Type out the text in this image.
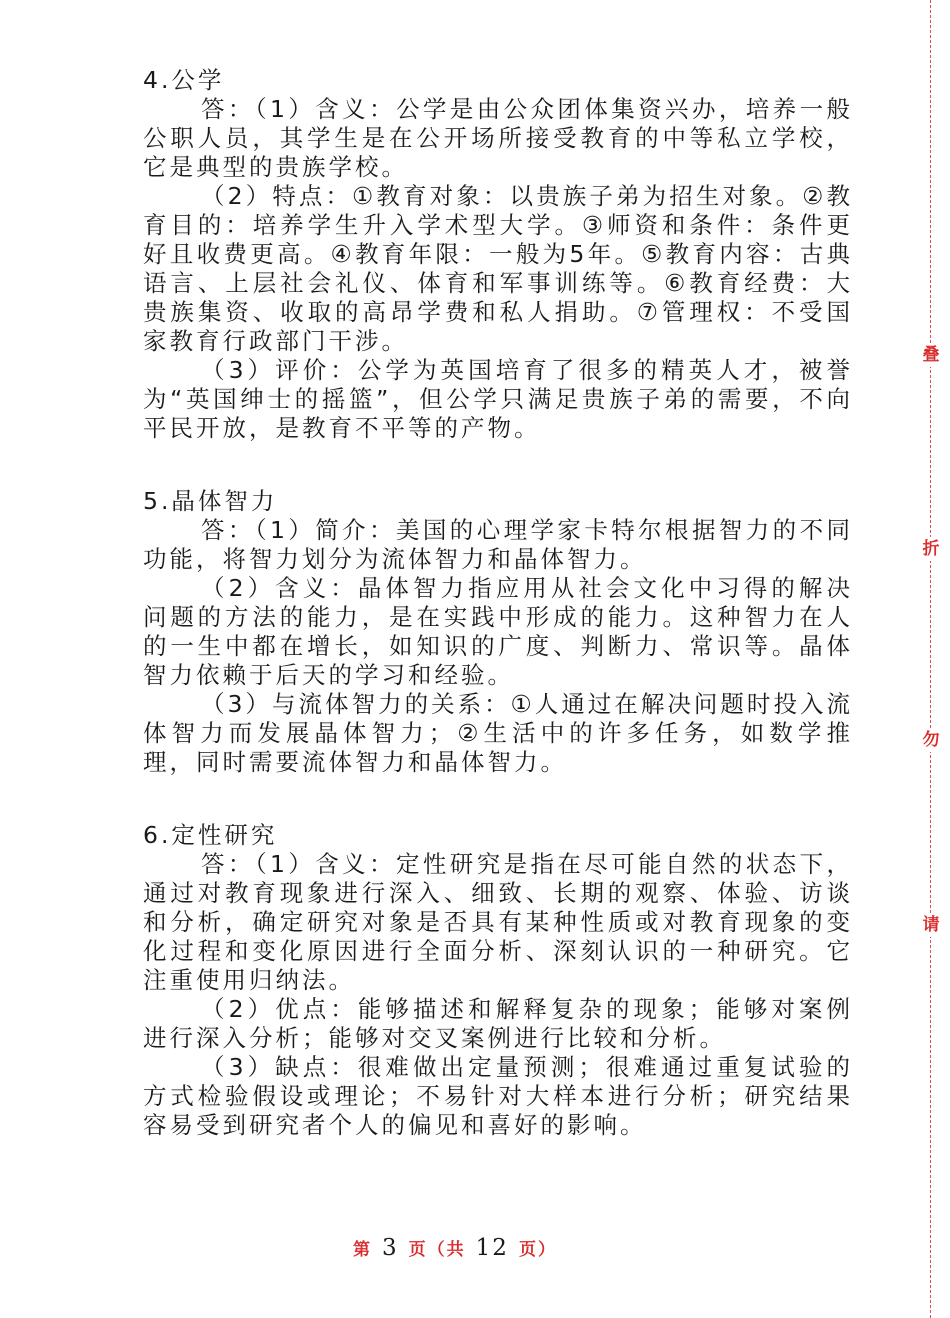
4.公学

答：（1）含义：公学是由公众团体集资兴办，培养一般公职人员，其学生是在公开场所接受教育的中等私立学校，它是典型的贵族学校。

（2）特点：①教育对象：以贵族子弟为招生对象。②教育目的：培养学生升入学术型大学。③师资和条件：条件更好且收费更高。④教育年限：一般为5年。⑤教育内容：古典语言、上层社会礼仪、体育和军事训练等。⑥教育经费：大贵族集资、收取的高昂学费和私人捐助。⑦管理权：不受国家教育行政部门干涉。

（3）评价：公学为英国培育了很多的精英人才，被誉为“英国绅士的摇篮”，但公学只满足贵族子弟的需要，不向平民开放，是教育不平等的产物。

5.晶体智力

答：（1）简介：美国的心理学家卡特尔根据智力的不同功能，将智力划分为流体智力和晶体智力。

（2）含义：晶体智力指应用从社会文化中习得的解决问题的方法的能力，是在实践中形成的能力。这种智力在人的一生中都在增长，如知识的广度、判断力、常识等。晶体智力依赖于后天的学习和经验。

（3）与流体智力的关系：①人通过在解决问题时投入流体智力而发展晶体智力；②生活中的许多任务，如数学推理，同时需要流体智力和晶体智力。

6.定性研究

答：（1）含义：定性研究是指在尽可能自然的状态下，通过对教育现象进行深入、细致、长期的观察、体验、访谈和分析，确定研究对象是否具有某种性质或对教育现象的变化过程和变化原因进行全面分析、深刻认识的一种研究。它注重使用归纳法。

（2）优点：能够描述和解释复杂的现象；能够对案例进行深入分析；能够对交叉案例进行比较和分析。

（3）缺点：很难做出定量预测；很难通过重复试验的方式检验假设或理论；不易针对大样本进行分析；研究结果容易受到研究者个人的偏见和喜好的影响。

叠
折
勿
请
第 3 页（共 12 页）
